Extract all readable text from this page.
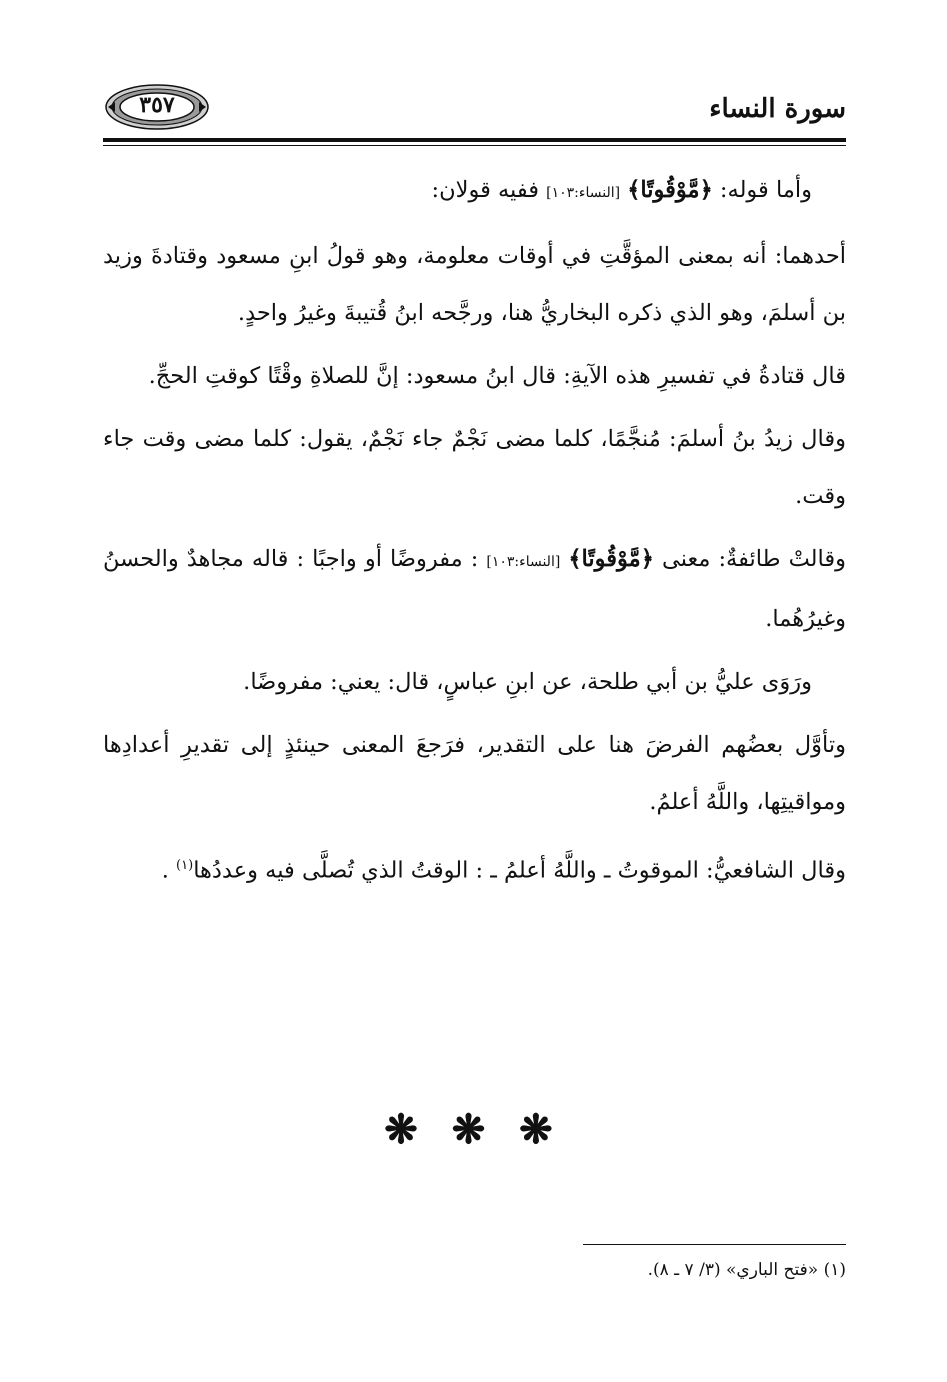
سورة النساء
٣٥٧

وأما قوله: ﴿مَّوْقُوتًا﴾ [النساء:١٠٣] ففيه قولان:

أحدهما: أنه بمعنى المؤقَّتِ في أوقات معلومة، وهو قولُ ابنِ مسعود وقتادةَ وزيد بن أسلمَ، وهو الذي ذكره البخاريُّ هنا، ورجَّحه ابنُ قُتيبةَ وغيرُ واحدٍ.

قال قتادةُ في تفسيرِ هذه الآيةِ: قال ابنُ مسعود: إنَّ للصلاةِ وقْتًا كوقتِ الحجِّ.

وقال زيدُ بنُ أسلمَ: مُنجَّمًا، كلما مضى نَجْمٌ جاء نَجْمٌ، يقول: كلما مضى وقت جاء وقت.

وقالتْ طائفةٌ: معنى ﴿مَّوْقُوتًا﴾ [النساء:١٠٣] : مفروضًا أو واجبًا : قاله مجاهدٌ والحسنُ وغيرُهُما.

ورَوَى عليُّ بن أبي طلحة، عن ابنِ عباسٍ، قال: يعني: مفروضًا.

وتأوَّل بعضُهم الفرضَ هنا على التقدير، فرَجعَ المعنى حينئذٍ إلى تقديرِ أعدادِها ومواقيتِها، واللَّهُ أعلمُ.

وقال الشافعيُّ: الموقوتُ ـ واللَّهُ أعلمُ ـ : الوقتُ الذي تُصلَّى فيه وعددُها$^{(١)}$ .

❋ ❋ ❋
(١) «فتح الباري» (٣/ ٧ ـ ٨).
